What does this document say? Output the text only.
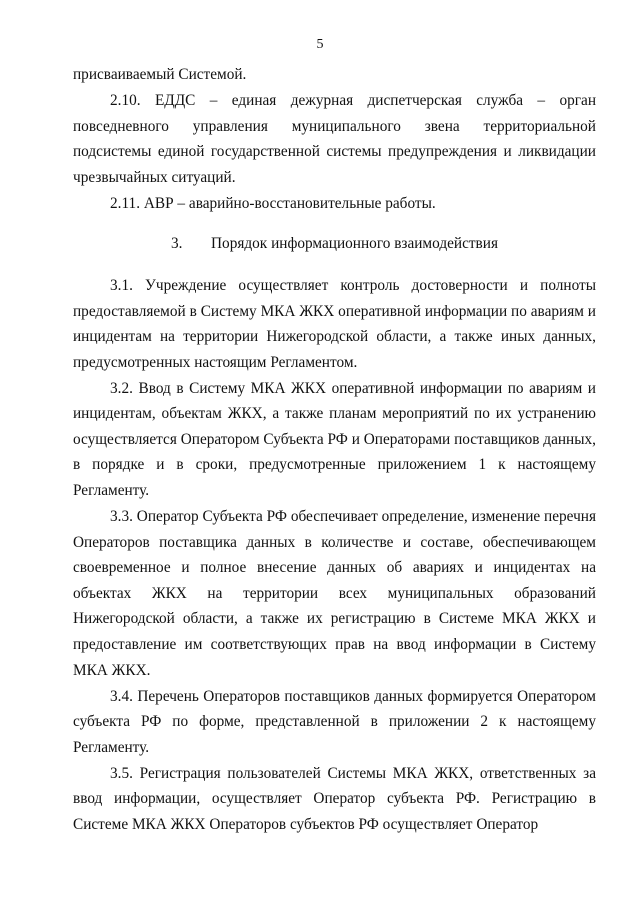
5

присваиваемый Системой.

2.10. ЕДДС – единая дежурная диспетчерская служба – орган повседневного управления муниципального звена территориальной подсистемы единой государственной системы предупреждения и ликвидации чрезвычайных ситуаций.

2.11. АВР – аварийно-восстановительные работы.

3. Порядок информационного взаимодействия

3.1. Учреждение осуществляет контроль достоверности и полноты предоставляемой в Систему МКА ЖКХ оперативной информации по авариям и инцидентам на территории Нижегородской области, а также иных данных, предусмотренных настоящим Регламентом.

3.2. Ввод в Систему МКА ЖКХ оперативной информации по авариям и инцидентам, объектам ЖКХ, а также планам мероприятий по их устранению осуществляется Оператором Субъекта РФ и Операторами поставщиков данных, в порядке и в сроки, предусмотренные приложением 1 к настоящему Регламенту.

3.3. Оператор Субъекта РФ обеспечивает определение, изменение перечня Операторов поставщика данных в количестве и составе, обеспечивающем своевременное и полное внесение данных об авариях и инцидентах на объектах ЖКХ на территории всех муниципальных образований Нижегородской области, а также их регистрацию в Системе МКА ЖКХ и предоставление им соответствующих прав на ввод информации в Систему МКА ЖКХ.

3.4. Перечень Операторов поставщиков данных формируется Оператором субъекта РФ по форме, представленной в приложении 2 к настоящему Регламенту.

3.5. Регистрация пользователей Системы МКА ЖКХ, ответственных за ввод информации, осуществляет Оператор субъекта РФ. Регистрацию в Системе МКА ЖКХ Операторов субъектов РФ осуществляет Оператор
